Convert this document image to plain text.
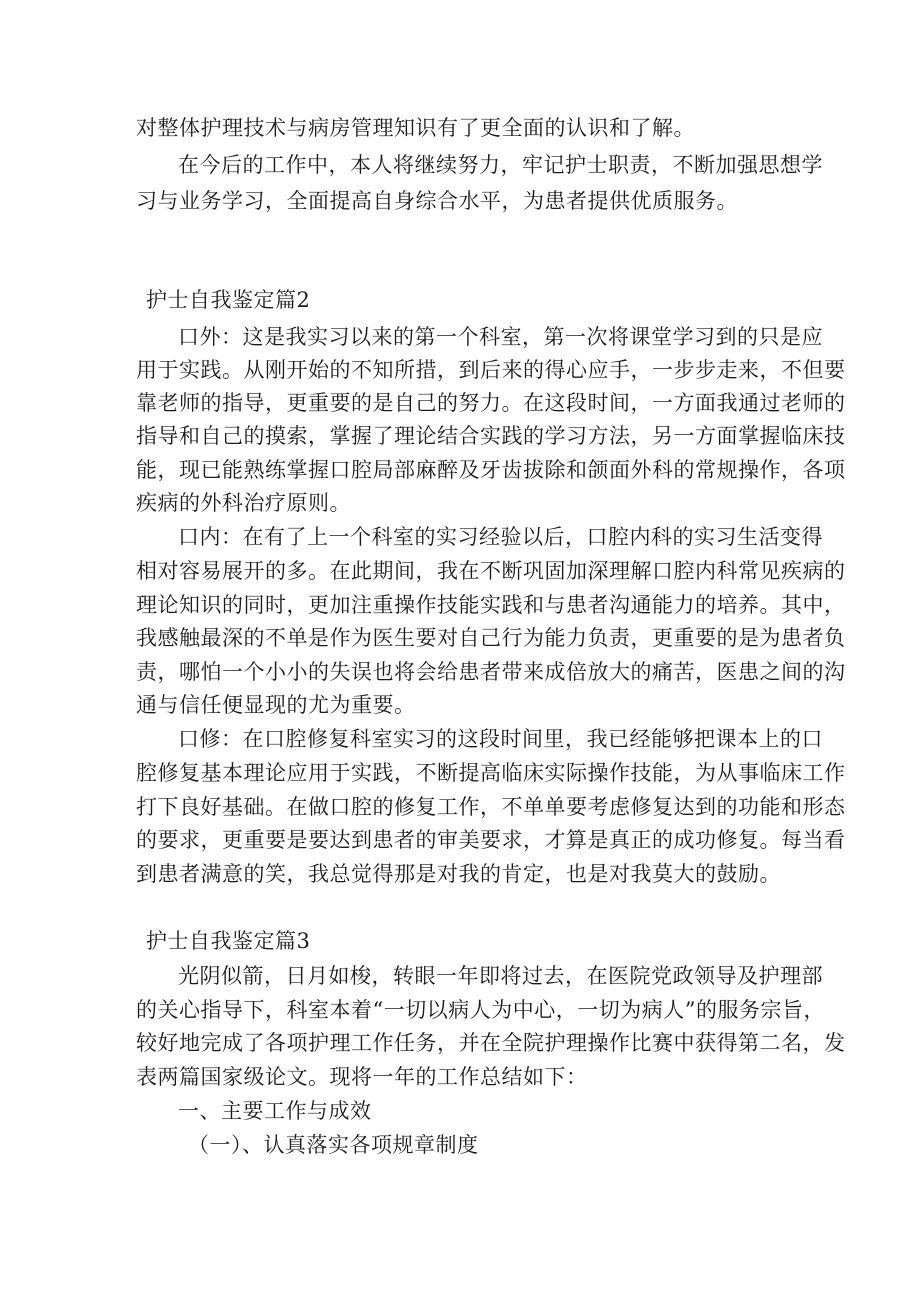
对整体护理技术与病房管理知识有了更全面的认识和了解。
在今后的工作中，本人将继续努力，牢记护士职责，不断加强思想学
习与业务学习，全面提高自身综合水平，为患者提供优质服务。
护士自我鉴定篇2
口外：这是我实习以来的第一个科室，第一次将课堂学习到的只是应
用于实践。从刚开始的不知所措，到后来的得心应手，一步步走来，不但要
靠老师的指导，更重要的是自己的努力。在这段时间，一方面我通过老师的
指导和自己的摸索，掌握了理论结合实践的学习方法，另一方面掌握临床技
能，现已能熟练掌握口腔局部麻醉及牙齿拔除和颌面外科的常规操作，各项
疾病的外科治疗原则。
口内：在有了上一个科室的实习经验以后，口腔内科的实习生活变得
相对容易展开的多。在此期间，我在不断巩固加深理解口腔内科常见疾病的
理论知识的同时，更加注重操作技能实践和与患者沟通能力的培养。其中，
我感触最深的不单是作为医生要对自己行为能力负责，更重要的是为患者负
责，哪怕一个小小的失误也将会给患者带来成倍放大的痛苦，医患之间的沟
通与信任便显现的尤为重要。
口修：在口腔修复科室实习的这段时间里，我已经能够把课本上的口
腔修复基本理论应用于实践，不断提高临床实际操作技能，为从事临床工作
打下良好基础。在做口腔的修复工作，不单单要考虑修复达到的功能和形态
的要求，更重要是要达到患者的审美要求，才算是真正的成功修复。每当看
到患者满意的笑，我总觉得那是对我的肯定，也是对我莫大的鼓励。
护士自我鉴定篇3
光阴似箭，日月如梭，转眼一年即将过去，在医院党政领导及护理部
的关心指导下，科室本着“一切以病人为中心，一切为病人”的服务宗旨，
较好地完成了各项护理工作任务，并在全院护理操作比赛中获得第二名，发
表两篇国家级论文。现将一年的工作总结如下：
一、主要工作与成效
（一）、认真落实各项规章制度
